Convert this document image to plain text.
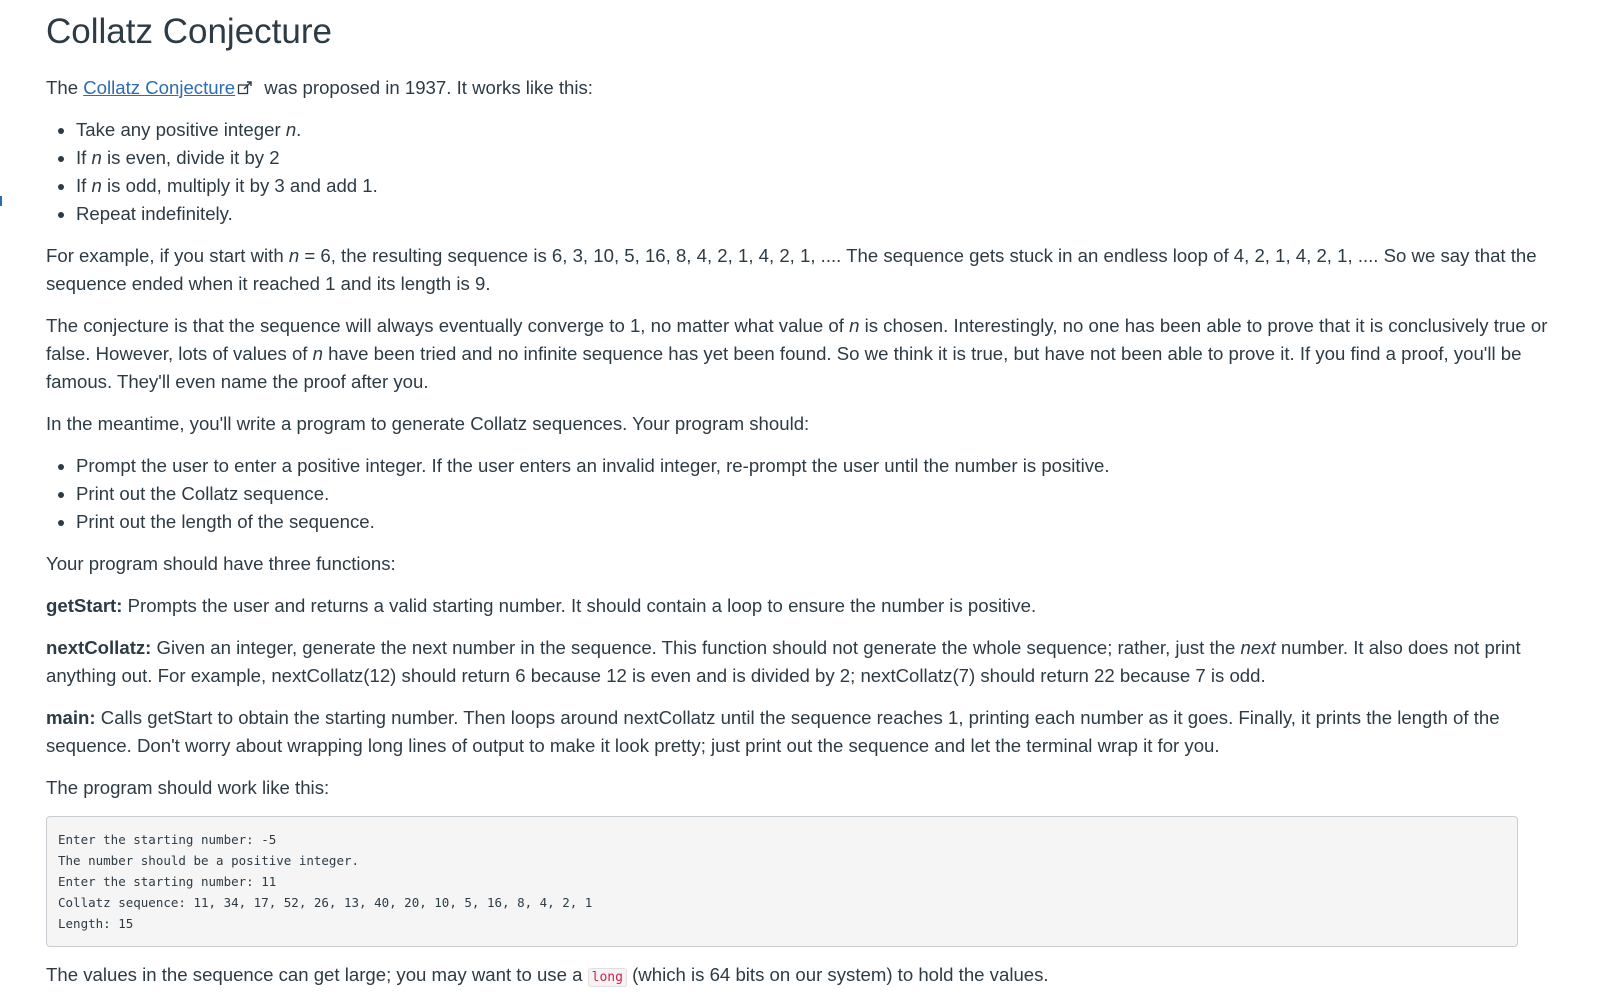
Collatz Conjecture

The Collatz Conjecture was proposed in 1937. It works like this:

• Take any positive integer n.
• If n is even, divide it by 2
• If n is odd, multiply it by 3 and add 1.
• Repeat indefinitely.

For example, if you start with n = 6, the resulting sequence is 6, 3, 10, 5, 16, 8, 4, 2, 1, 4, 2, 1, .... The sequence gets stuck in an endless loop of 4, 2, 1, 4, 2, 1, .... So we say that the sequence ended when it reached 1 and its length is 9.

The conjecture is that the sequence will always eventually converge to 1, no matter what value of n is chosen. Interestingly, no one has been able to prove that it is conclusively true or false. However, lots of values of n have been tried and no infinite sequence has yet been found. So we think it is true, but have not been able to prove it. If you find a proof, you'll be famous. They'll even name the proof after you.

In the meantime, you'll write a program to generate Collatz sequences. Your program should:

• Prompt the user to enter a positive integer. If the user enters an invalid integer, re-prompt the user until the number is positive.
• Print out the Collatz sequence.
• Print out the length of the sequence.

Your program should have three functions:

getStart: Prompts the user and returns a valid starting number. It should contain a loop to ensure the number is positive.

nextCollatz: Given an integer, generate the next number in the sequence. This function should not generate the whole sequence; rather, just the next number. It also does not print anything out. For example, nextCollatz(12) should return 6 because 12 is even and is divided by 2; nextCollatz(7) should return 22 because 7 is odd.

main: Calls getStart to obtain the starting number. Then loops around nextCollatz until the sequence reaches 1, printing each number as it goes. Finally, it prints the length of the sequence. Don't worry about wrapping long lines of output to make it look pretty; just print out the sequence and let the terminal wrap it for you.

The program should work like this:

Enter the starting number: -5
The number should be a positive integer.
Enter the starting number: 11
Collatz sequence: 11, 34, 17, 52, 26, 13, 40, 20, 10, 5, 16, 8, 4, 2, 1
Length: 15

The values in the sequence can get large; you may want to use a long (which is 64 bits on our system) to hold the values.
